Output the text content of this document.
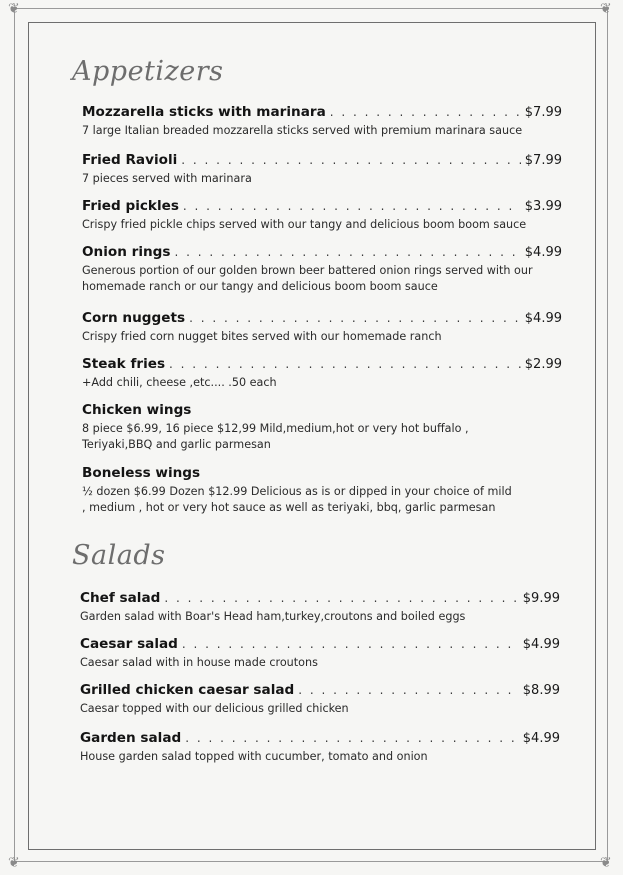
❦	❦
❦	❦
Appetizers
Mozzarella sticks with marinara . . .	$7.99
7 large Italian breaded mozzarella sticks served with premium marinara sauce
Fried Ravioli . . .	$7.99
7 pieces served with marinara
Fried pickles . . .	$3.99
Crispy fried pickle chips served with our tangy and delicious boom boom sauce
Onion rings . . .	$4.99
Generous portion of our golden brown beer battered onion rings served with our homemade ranch or our tangy and delicious boom boom sauce
Corn nuggets . . .	$4.99
Crispy fried corn nugget bites served with our homemade ranch
Steak fries . . .	$2.99
+Add chili, cheese ,etc.... .50 each
Chicken wings
8 piece $6.99, 16 piece $12,99 Mild,medium,hot or very hot buffalo , Teriyaki,BBQ and garlic parmesan
Boneless wings
½ dozen $6.99 Dozen $12.99 Delicious as is or dipped in your choice of mild , medium , hot or very hot sauce as well as teriyaki, bbq, garlic parmesan
Salads
Chef salad . . .	$9.99
Garden salad with Boar's Head ham,turkey,croutons and boiled eggs
Caesar salad . . .	$4.99
Caesar salad with in house made croutons
Grilled chicken caesar salad . . .	$8.99
Caesar topped with our delicious grilled chicken
Garden salad . . .	$4.99
House garden salad topped with cucumber, tomato and onion
